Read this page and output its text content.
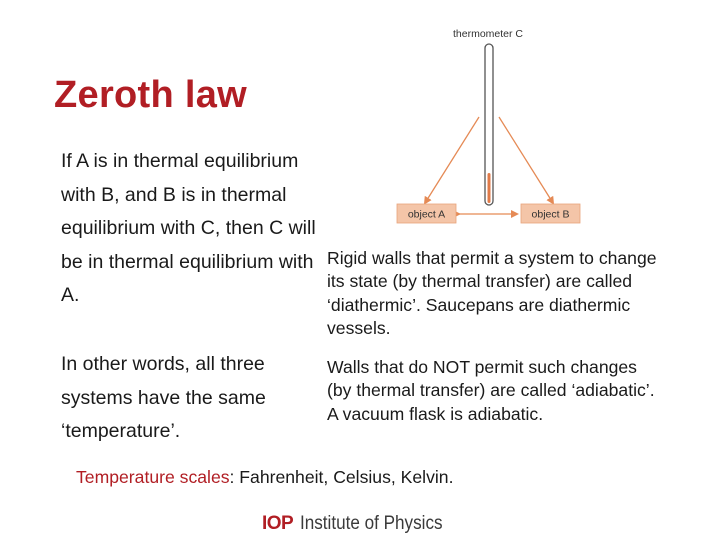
Zeroth law

If A is in thermal equilibrium with B, and B is in thermal equilibrium with C, then C will be in thermal equilibrium with A.

In other words, all three systems have the same ‘temperature’.

Rigid walls that permit a system to change its state (by thermal transfer) are called ‘diathermic’. Saucepans are diathermic vessels.

Walls that do NOT permit such changes (by thermal transfer) are called ‘adiabatic’.
A vacuum flask is adiabatic.

Temperature scales: Fahrenheit, Celsius, Kelvin.

thermometer C
object A	object B
IOP Institute of Physics
